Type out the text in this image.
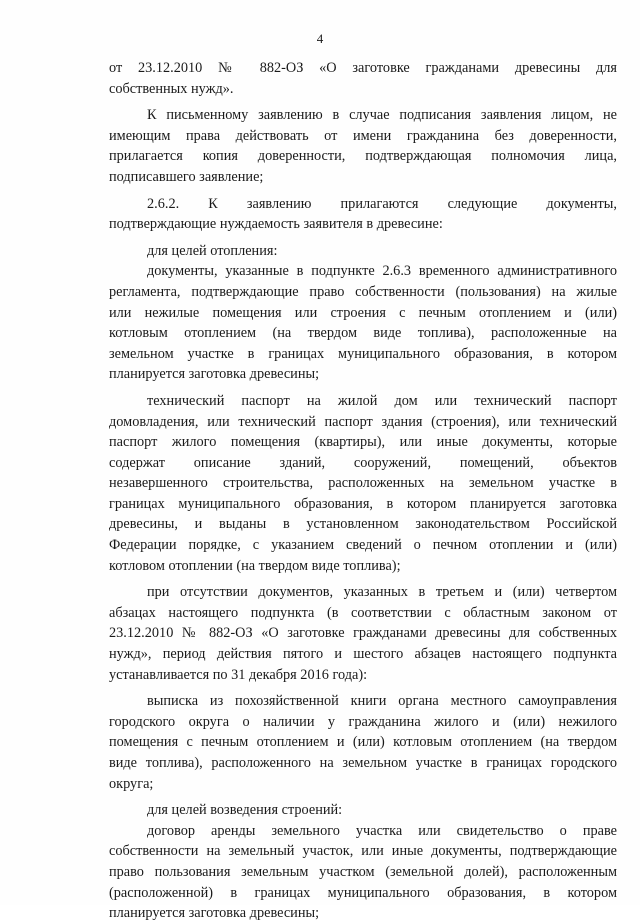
4
от 23.12.2010 № 882-ОЗ «О заготовке гражданами древесины для
собственных нужд».
К письменному заявлению в случае подписания заявления лицом, не
имеющим права действовать от имени гражданина без доверенности,
прилагается копия доверенности, подтверждающая полномочия лица,
подписавшего заявление;
2.6.2. К заявлению прилагаются следующие документы,
подтверждающие нуждаемость заявителя в древесине:
для целей отопления:
документы, указанные в подпункте 2.6.3 временного административного
регламента, подтверждающие право собственности (пользования) на жилые
или нежилые помещения или строения с печным отоплением и (или)
котловым отоплением (на твердом виде топлива), расположенные на
земельном участке в границах муниципального образования, в котором
планируется заготовка древесины;
технический паспорт на жилой дом или технический паспорт
домовладения, или технический паспорт здания (строения), или технический
паспорт жилого помещения (квартиры), или иные документы, которые
содержат описание зданий, сооружений, помещений, объектов
незавершенного строительства, расположенных на земельном участке в
границах муниципального образования, в котором планируется заготовка
древесины, и выданы в установленном законодательством Российской
Федерации порядке, с указанием сведений о печном отоплении и (или)
котловом отоплении (на твердом виде топлива);
при отсутствии документов, указанных в третьем и (или) четвертом
абзацах настоящего подпункта (в соответствии с областным законом от
23.12.2010 № 882-ОЗ «О заготовке гражданами древесины для собственных
нужд», период действия пятого и шестого абзацев настоящего подпункта
устанавливается по 31 декабря 2016 года):
выписка из похозяйственной книги органа местного самоуправления
городского округа о наличии у гражданина жилого и (или) нежилого
помещения с печным отоплением и (или) котловым отоплением (на твердом
виде топлива), расположенного на земельном участке в границах городского
округа;
для целей возведения строений:
договор аренды земельного участка или свидетельство о праве
собственности на земельный участок, или иные документы, подтверждающие
право пользования земельным участком (земельной долей), расположенным
(расположенной) в границах муниципального образования, в котором
планируется заготовка древесины;
